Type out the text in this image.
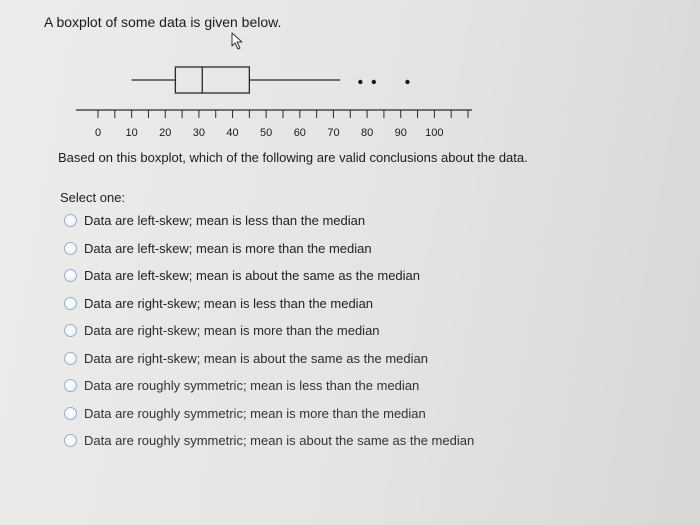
A boxplot of some data is given below.

0 10 20 30 40 50 60 70 80 90 100

Based on this boxplot, which of the following are valid conclusions about the data.

Select one:

Data are left-skew; mean is less than the median
Data are left-skew; mean is more than the median
Data are left-skew; mean is about the same as the median
Data are right-skew; mean is less than the median
Data are right-skew; mean is more than the median
Data are right-skew; mean is about the same as the median
Data are roughly symmetric; mean is less than the median
Data are roughly symmetric; mean is more than the median
Data are roughly symmetric; mean is about the same as the median
